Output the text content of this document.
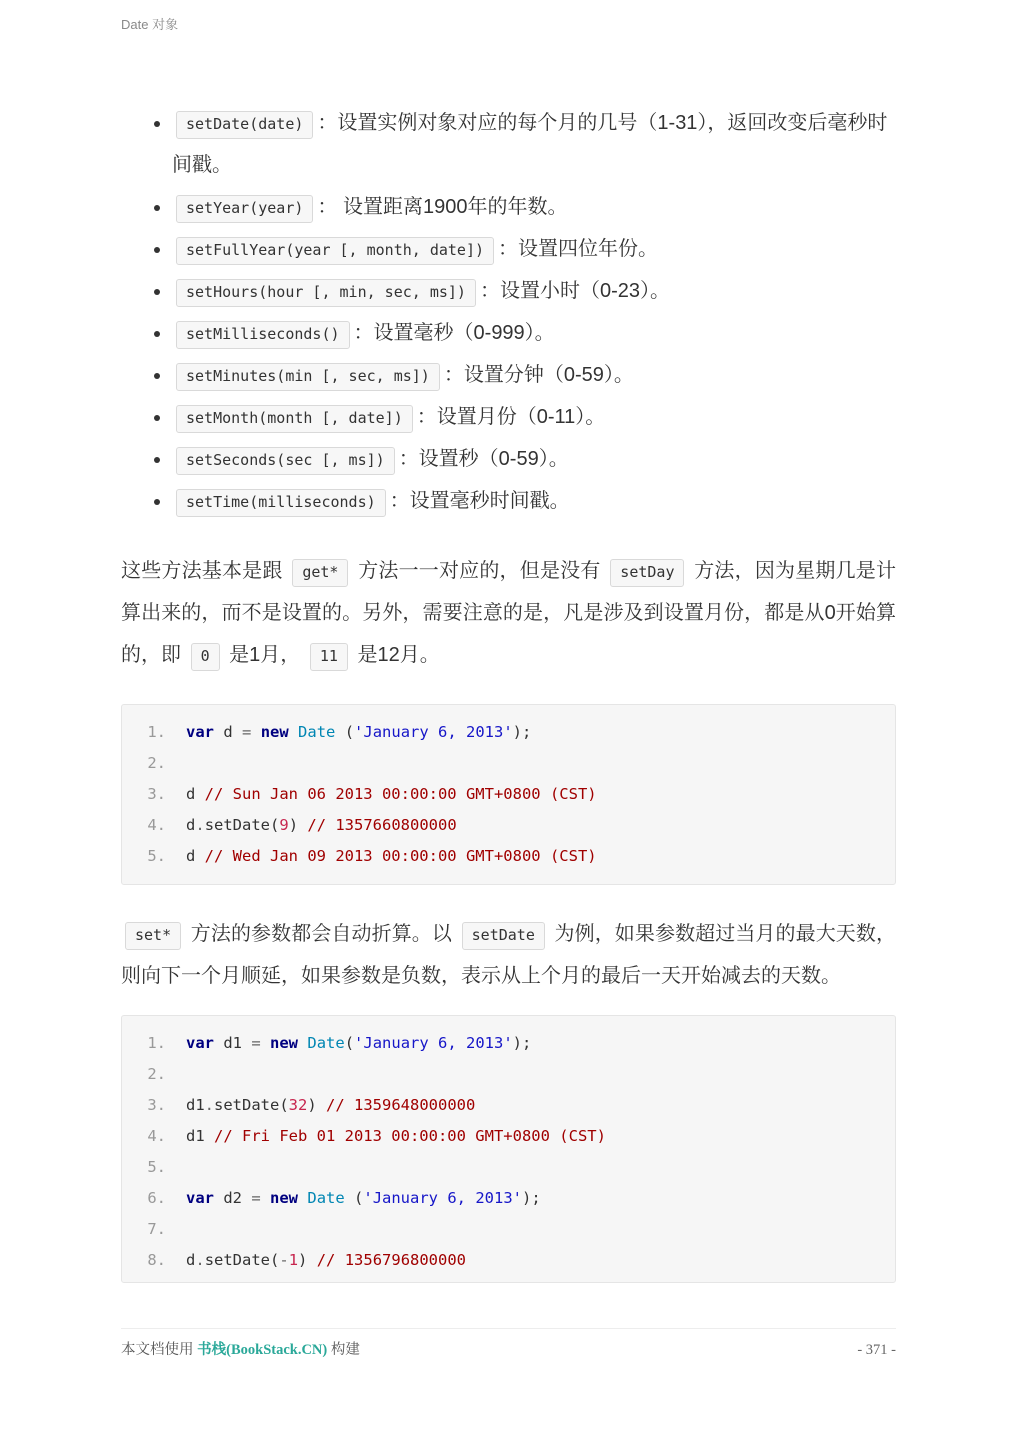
Date 对象
• setDate(date) ：设置实例对象对应的每个月的几号（1-31），返回改变后毫秒时间戳。
• setYear(year) ： 设置距离1900年的年数。
• setFullYear(year [, month, date]) ：设置四位年份。
• setHours(hour [, min, sec, ms]) ：设置小时（0-23）。
• setMilliseconds() ：设置毫秒（0-999）。
• setMinutes(min [, sec, ms]) ：设置分钟（0-59）。
• setMonth(month [, date]) ：设置月份（0-11）。
• setSeconds(sec [, ms]) ：设置秒（0-59）。
• setTime(milliseconds) ：设置毫秒时间戳。

这些方法基本是跟 get* 方法一一对应的，但是没有 setDay 方法，因为星期几是计算出来的，而不是设置的。另外，需要注意的是，凡是涉及到设置月份，都是从0开始算的，即 0 是1月， 11 是12月。

1.	var d = new Date ('January 6, 2013');
2.
3.	d // Sun Jan 06 2013 00:00:00 GMT+0800 (CST)
4.	d.setDate(9) // 1357660800000
5.	d // Wed Jan 09 2013 00:00:00 GMT+0800 (CST)

set* 方法的参数都会自动折算。以 setDate 为例，如果参数超过当月的最大天数，则向下一个月顺延，如果参数是负数，表示从上个月的最后一天开始减去的天数。

1.	var d1 = new Date('January 6, 2013');
2.
3.	d1.setDate(32) // 1359648000000
4.	d1 // Fri Feb 01 2013 00:00:00 GMT+0800 (CST)
5.
6.	var d2 = new Date ('January 6, 2013');
7.
8.	d.setDate(-1) // 1356796800000
本文档使用 书栈(BookStack.CN) 构建	- 371 -
